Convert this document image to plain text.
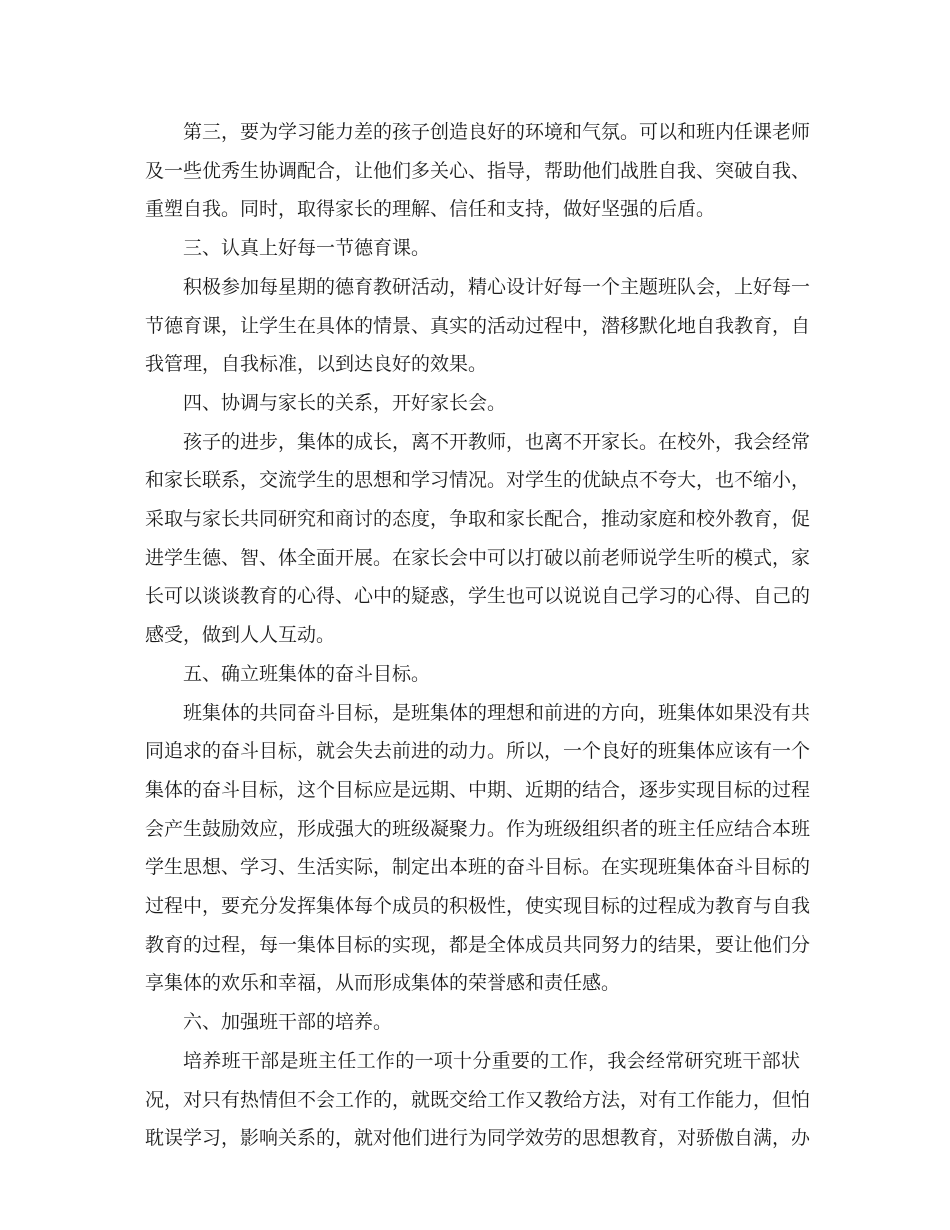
第三，要为学习能力差的孩子创造良好的环境和气氛。可以和班内任课老师
及一些优秀生协调配合，让他们多关心、指导，帮助他们战胜自我、突破自我、
重塑自我。同时，取得家长的理解、信任和支持，做好坚强的后盾。

三、认真上好每一节德育课。

积极参加每星期的德育教研活动，精心设计好每一个主题班队会，上好每一
节德育课，让学生在具体的情景、真实的活动过程中，潜移默化地自我教育，自
我管理，自我标准，以到达良好的效果。

四、协调与家长的关系，开好家长会。

孩子的进步，集体的成长，离不开教师，也离不开家长。在校外，我会经常
和家长联系，交流学生的思想和学习情况。对学生的优缺点不夸大，也不缩小，
采取与家长共同研究和商讨的态度，争取和家长配合，推动家庭和校外教育，促
进学生德、智、体全面开展。在家长会中可以打破以前老师说学生听的模式，家
长可以谈谈教育的心得、心中的疑惑，学生也可以说说自己学习的心得、自己的
感受，做到人人互动。

五、确立班集体的奋斗目标。

班集体的共同奋斗目标，是班集体的理想和前进的方向，班集体如果没有共
同追求的奋斗目标，就会失去前进的动力。所以，一个良好的班集体应该有一个
集体的奋斗目标，这个目标应是远期、中期、近期的结合，逐步实现目标的过程
会产生鼓励效应，形成强大的班级凝聚力。作为班级组织者的班主任应结合本班
学生思想、学习、生活实际，制定出本班的奋斗目标。在实现班集体奋斗目标的
过程中，要充分发挥集体每个成员的积极性，使实现目标的过程成为教育与自我
教育的过程，每一集体目标的实现，都是全体成员共同努力的结果，要让他们分
享集体的欢乐和幸福，从而形成集体的荣誉感和责任感。

六、加强班干部的培养。

培养班干部是班主任工作的一项十分重要的工作，我会经常研究班干部状
况，对只有热情但不会工作的，就既交给工作又教给方法，对有工作能力，但怕
耽误学习，影响关系的，就对他们进行为同学效劳的思想教育，对骄傲自满，办
